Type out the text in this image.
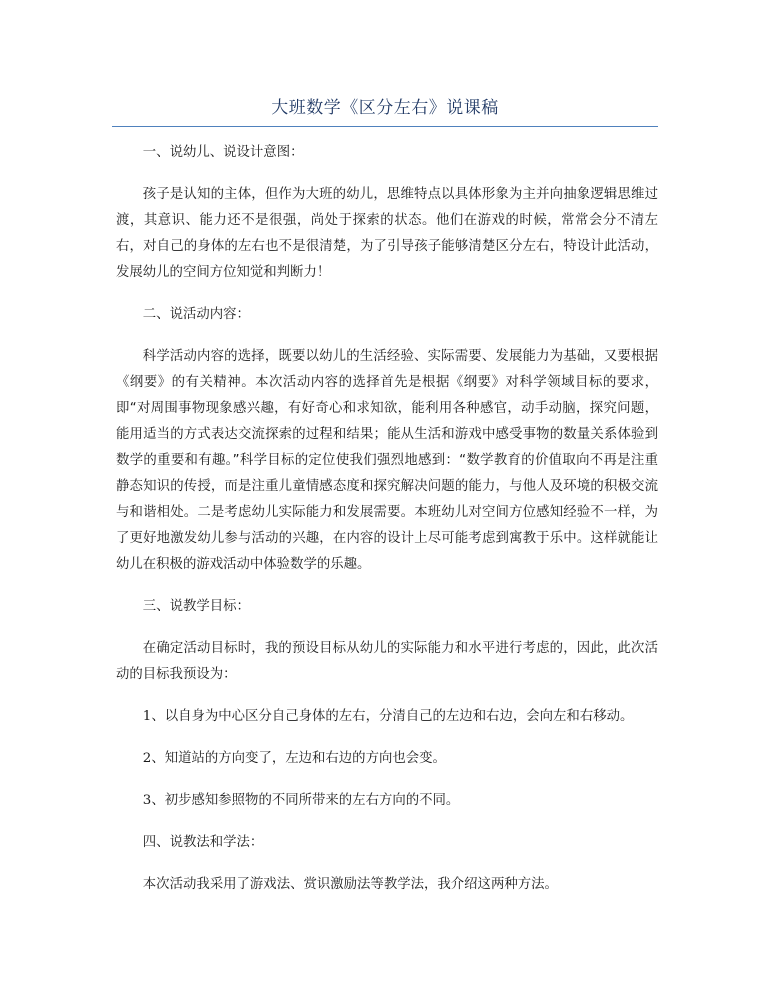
大班数学《区分左右》说课稿

一、说幼儿、说设计意图：

孩子是认知的主体，但作为大班的幼儿，思维特点以具体形象为主并向抽象逻辑思维过渡，其意识、能力还不是很强，尚处于探索的状态。他们在游戏的时候，常常会分不清左右，对自己的身体的左右也不是很清楚，为了引导孩子能够清楚区分左右，特设计此活动，发展幼儿的空间方位知觉和判断力！

二、说活动内容：

科学活动内容的选择，既要以幼儿的生活经验、实际需要、发展能力为基础，又要根据《纲要》的有关精神。本次活动内容的选择首先是根据《纲要》对科学领域目标的要求，即“对周围事物现象感兴趣，有好奇心和求知欲，能利用各种感官，动手动脑，探究问题，能用适当的方式表达交流探索的过程和结果；能从生活和游戏中感受事物的数量关系体验到数学的重要和有趣。”科学目标的定位使我们强烈地感到：“数学教育的价值取向不再是注重静态知识的传授，而是注重儿童情感态度和探究解决问题的能力，与他人及环境的积极交流与和谐相处。二是考虑幼儿实际能力和发展需要。本班幼儿对空间方位感知经验不一样，为了更好地激发幼儿参与活动的兴趣，在内容的设计上尽可能考虑到寓教于乐中。这样就能让幼儿在积极的游戏活动中体验数学的乐趣。

三、说教学目标：

在确定活动目标时，我的预设目标从幼儿的实际能力和水平进行考虑的，因此，此次活动的目标我预设为：

1、以自身为中心区分自己身体的左右，分清自己的左边和右边，会向左和右移动。

2、知道站的方向变了，左边和右边的方向也会变。

3、初步感知参照物的不同所带来的左右方向的不同。

四、说教法和学法：

本次活动我采用了游戏法、赏识激励法等教学法，我介绍这两种方法。
